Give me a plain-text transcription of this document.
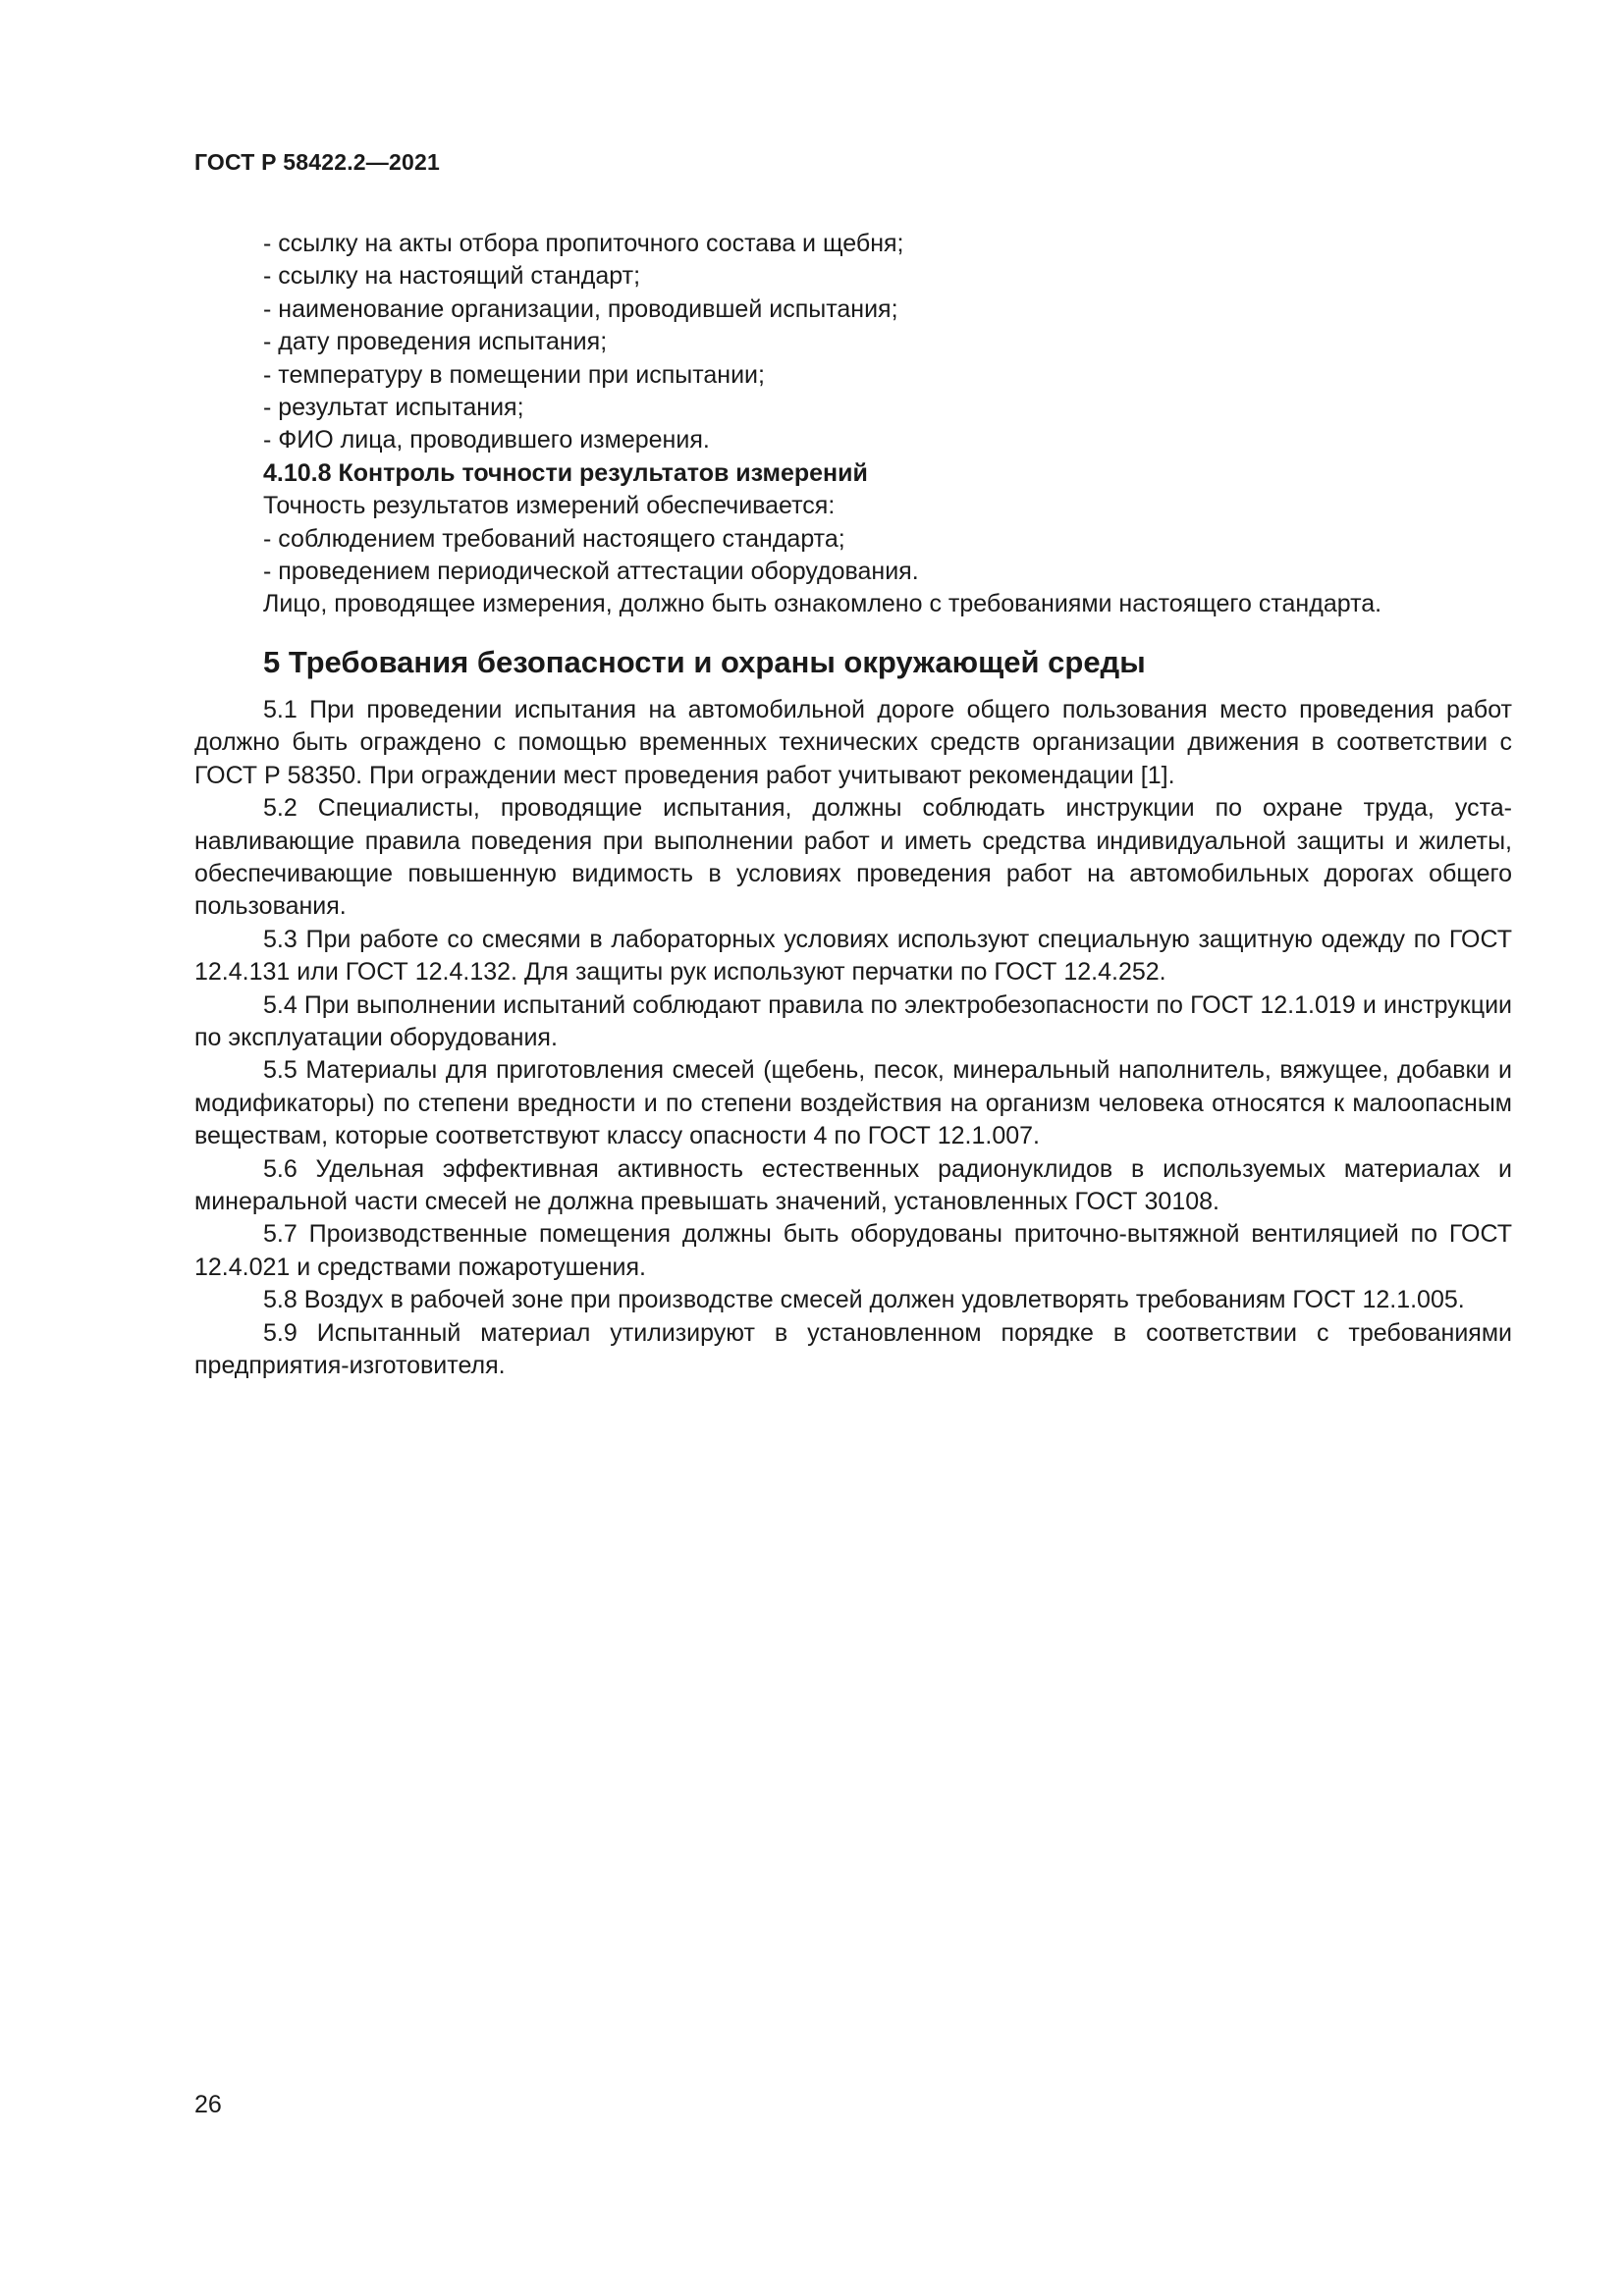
ГОСТ Р 58422.2—2021
- ссылку на акты отбора пропиточного состава и щебня;
- ссылку на настоящий стандарт;
- наименование организации, проводившей испытания;
- дату проведения испытания;
- температуру в помещении при испытании;
- результат испытания;
- ФИО лица, проводившего измерения.
4.10.8 Контроль точности результатов измерений
Точность результатов измерений обеспечивается:
- соблюдением требований настоящего стандарта;
- проведением периодической аттестации оборудования.
Лицо, проводящее измерения, должно быть ознакомлено с требованиями настоящего стандарта.
5 Требования безопасности и охраны окружающей среды

5.1 При проведении испытания на автомобильной дороге общего пользования место проведения работ должно быть ограждено с помощью временных технических средств организации движения в соответствии с ГОСТ Р 58350. При ограждении мест проведения работ учитывают рекомендации [1].

5.2 Специалисты, проводящие испытания, должны соблюдать инструкции по охране труда, устанавливающие правила поведения при выполнении работ и иметь средства индивидуальной защиты и жилеты, обеспечивающие повышенную видимость в условиях проведения работ на автомобильных дорогах общего пользования.

5.3 При работе со смесями в лабораторных условиях используют специальную защитную одежду по ГОСТ 12.4.131 или ГОСТ 12.4.132. Для защиты рук используют перчатки по ГОСТ 12.4.252.

5.4 При выполнении испытаний соблюдают правила по электробезопасности по ГОСТ 12.1.019 и инструкции по эксплуатации оборудования.

5.5 Материалы для приготовления смесей (щебень, песок, минеральный наполнитель, вяжущее, добавки и модификаторы) по степени вредности и по степени воздействия на организм человека относятся к малоопасным веществам, которые соответствуют классу опасности 4 по ГОСТ 12.1.007.

5.6 Удельная эффективная активность естественных радионуклидов в используемых материалах и минеральной части смесей не должна превышать значений, установленных ГОСТ 30108.

5.7 Производственные помещения должны быть оборудованы приточно-вытяжной вентиляцией по ГОСТ 12.4.021 и средствами пожаротушения.

5.8 Воздух в рабочей зоне при производстве смесей должен удовлетворять требованиям ГОСТ 12.1.005.

5.9 Испытанный материал утилизируют в установленном порядке в соответствии с требованиями предприятия-изготовителя.

26
